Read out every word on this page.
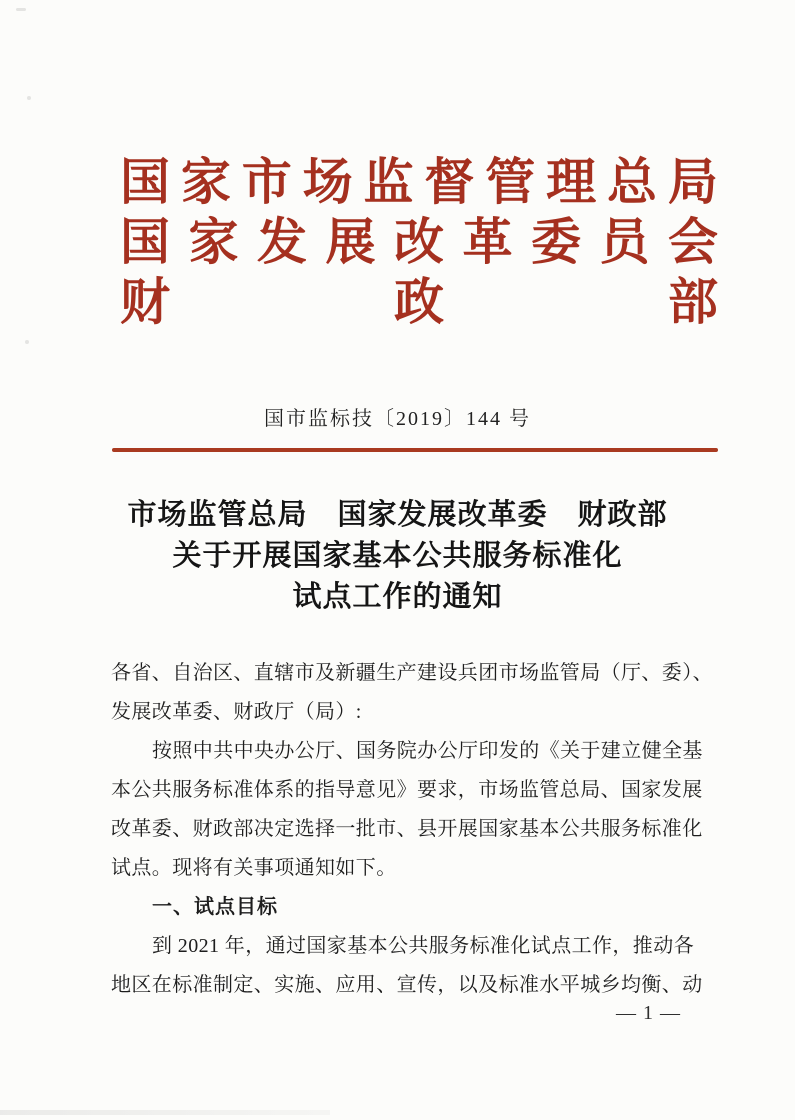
国 家 市 场 监 督 管 理 总 局
国 家 发 展 改 革 委 员 会
财	政	部
国市监标技〔2019〕144 号
市场监管总局　国家发展改革委　财政部
关于开展国家基本公共服务标准化
试点工作的通知
各省、自治区、直辖市及新疆生产建设兵团市场监管局（厅、委）、
发展改革委、财政厅（局）:
按照中共中央办公厅、国务院办公厅印发的《关于建立健全基
本公共服务标准体系的指导意见》要求，市场监管总局、国家发展
改革委、财政部决定选择一批市、县开展国家基本公共服务标准化
试点。现将有关事项通知如下。
一、试点目标
到 2021 年，通过国家基本公共服务标准化试点工作，推动各
地区在标准制定、实施、应用、宣传，以及标准水平城乡均衡、动
— 1 —
